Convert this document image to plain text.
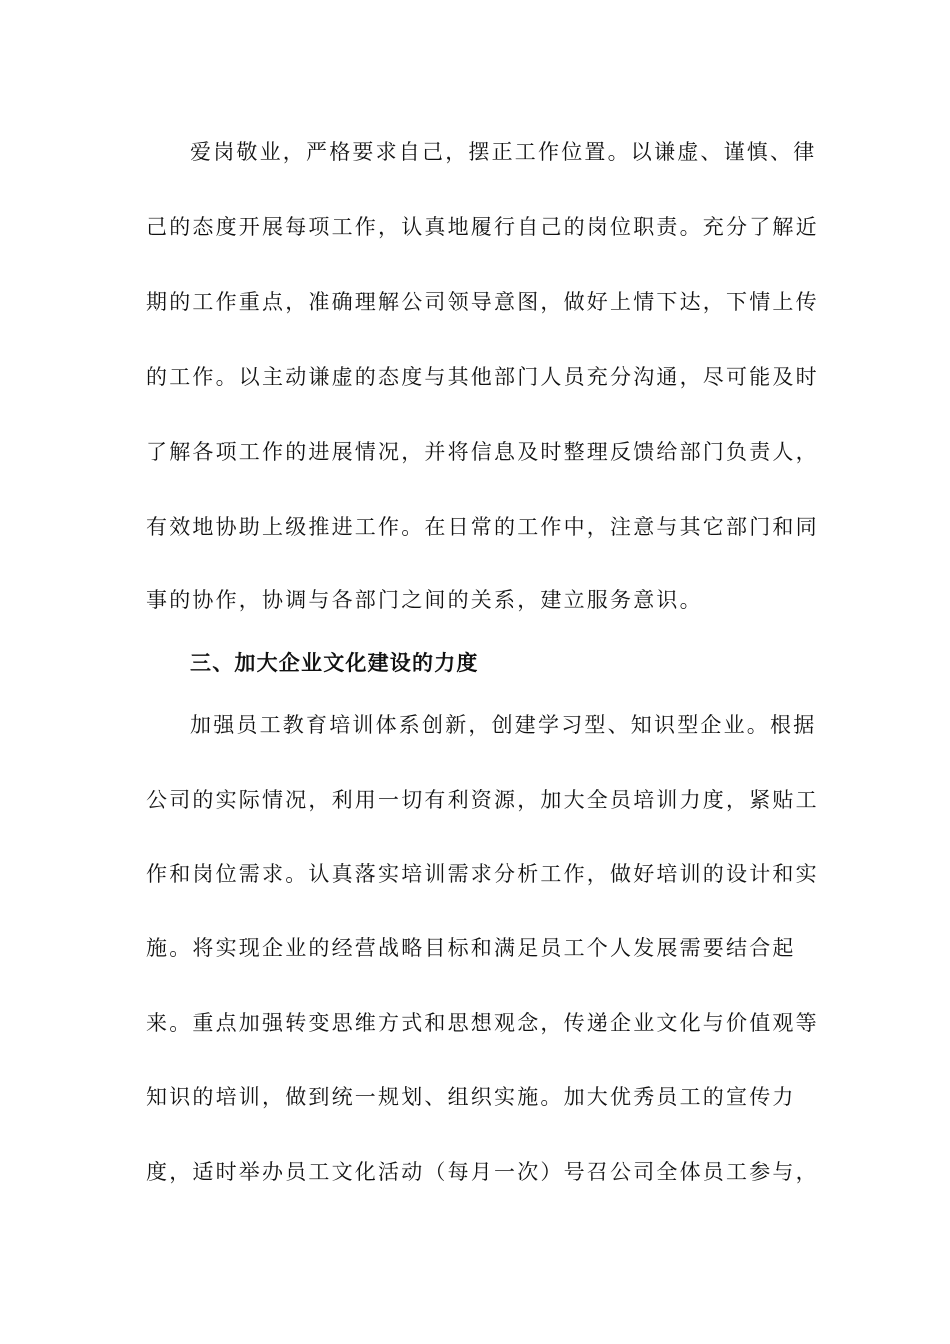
爱岗敬业，严格要求自己，摆正工作位置。以谦虚、谨慎、律
己的态度开展每项工作，认真地履行自己的岗位职责。充分了解近
期的工作重点，准确理解公司领导意图，做好上情下达，下情上传
的工作。以主动谦虚的态度与其他部门人员充分沟通，尽可能及时
了解各项工作的进展情况，并将信息及时整理反馈给部门负责人，
有效地协助上级推进工作。在日常的工作中，注意与其它部门和同
事的协作，协调与各部门之间的关系，建立服务意识。
三、加大企业文化建设的力度
加强员工教育培训体系创新，创建学习型、知识型企业。根据
公司的实际情况，利用一切有利资源，加大全员培训力度，紧贴工
作和岗位需求。认真落实培训需求分析工作，做好培训的设计和实
施。将实现企业的经营战略目标和满足员工个人发展需要结合起
来。重点加强转变思维方式和思想观念，传递企业文化与价值观等
知识的培训，做到统一规划、组织实施。加大优秀员工的宣传力
度，适时举办员工文化活动（每月一次）号召公司全体员工参与，
